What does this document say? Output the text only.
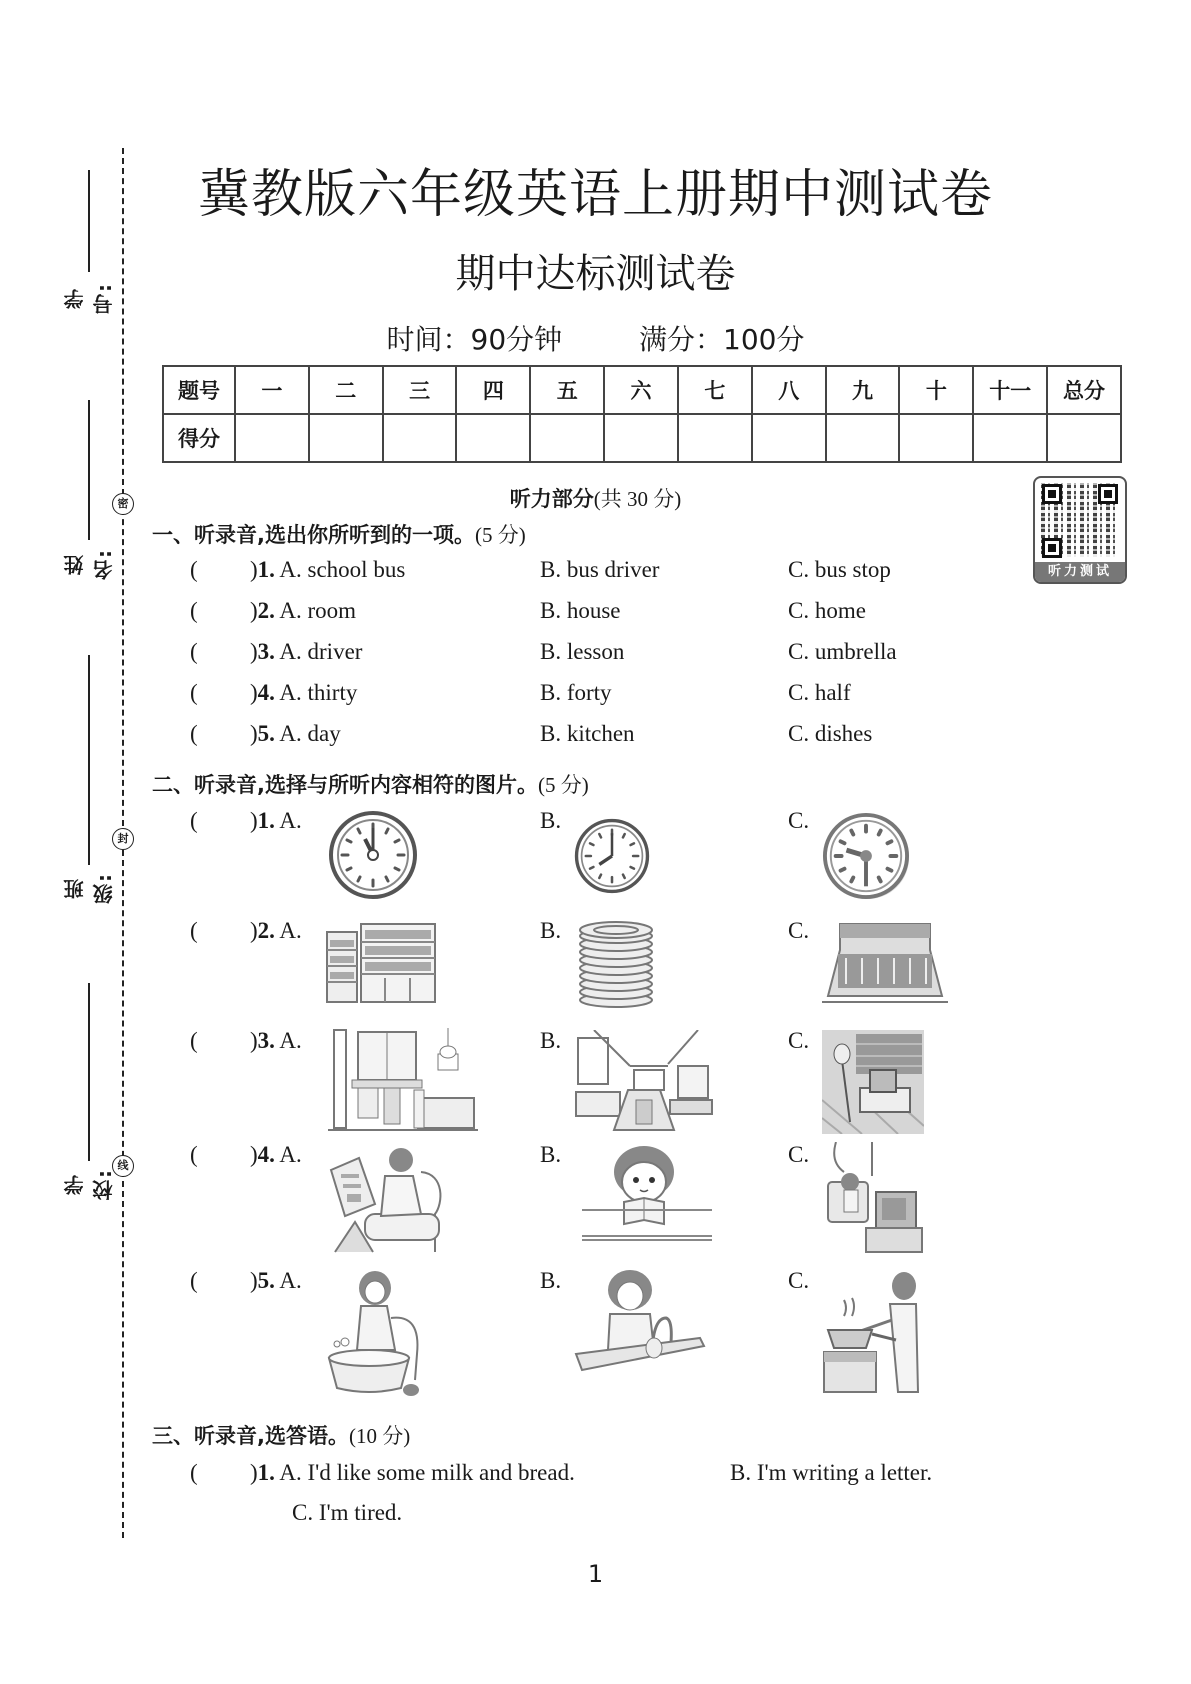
密
封
线
学号:
姓名:
班级:
学校:
冀教版六年级英语上册期中测试卷
期中达标测试卷
时间：90分钟	满分：100分
题号	一	二	三	四	五	六	七	八	九	十	十一	总分
得分												
听力部分(共 30 分)
听力测试
一、听录音,选出你所听到的一项。(5 分)
( )1. A. school bus	B. bus driver	C. bus stop
( )2. A. room	B. house	C. home
( )3. A. driver	B. lesson	C. umbrella
( )4. A. thirty	B. forty	C. half
( )5. A. day	B. kitchen	C. dishes
二、听录音,选择与所听内容相符的图片。(5 分)
( )1. A.	B.	C.
( )2. A.	B.	C.
( )3. A.	B.	C.
( )4. A.	B.	C.
( )5. A.	B.	C.
三、听录音,选答语。(10 分)
( )1. A. I'd like some milk and bread.	B. I'm writing a letter.
C. I'm tired.
1
